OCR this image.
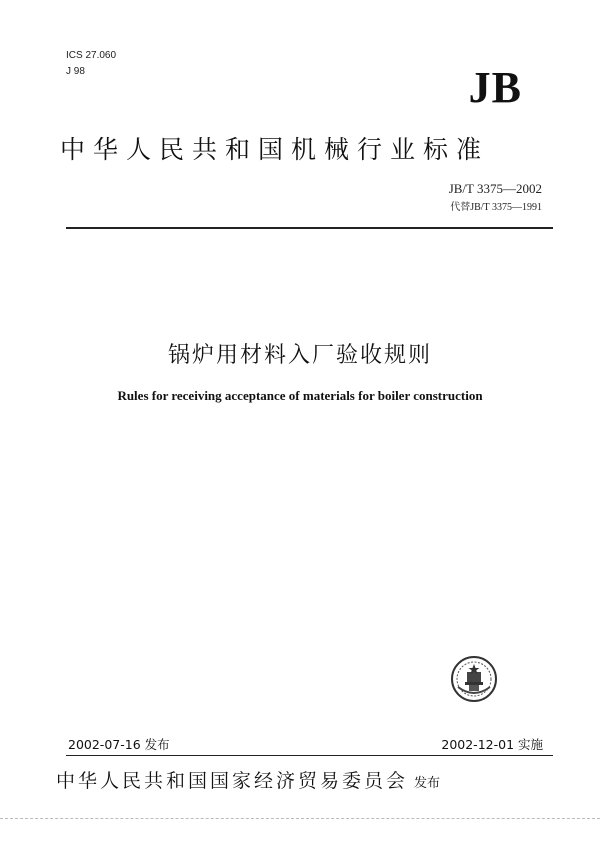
ICS 27.060
J 98	JB
中华人民共和国机械行业标准
JB/T 3375—2002
代替JB/T 3375—1991
锅炉用材料入厂验收规则
Rules for receiving acceptance of materials for boiler construction
2002-07-16 发布	2002-12-01 实施
中华人民共和国国家经济贸易委员会 发布
